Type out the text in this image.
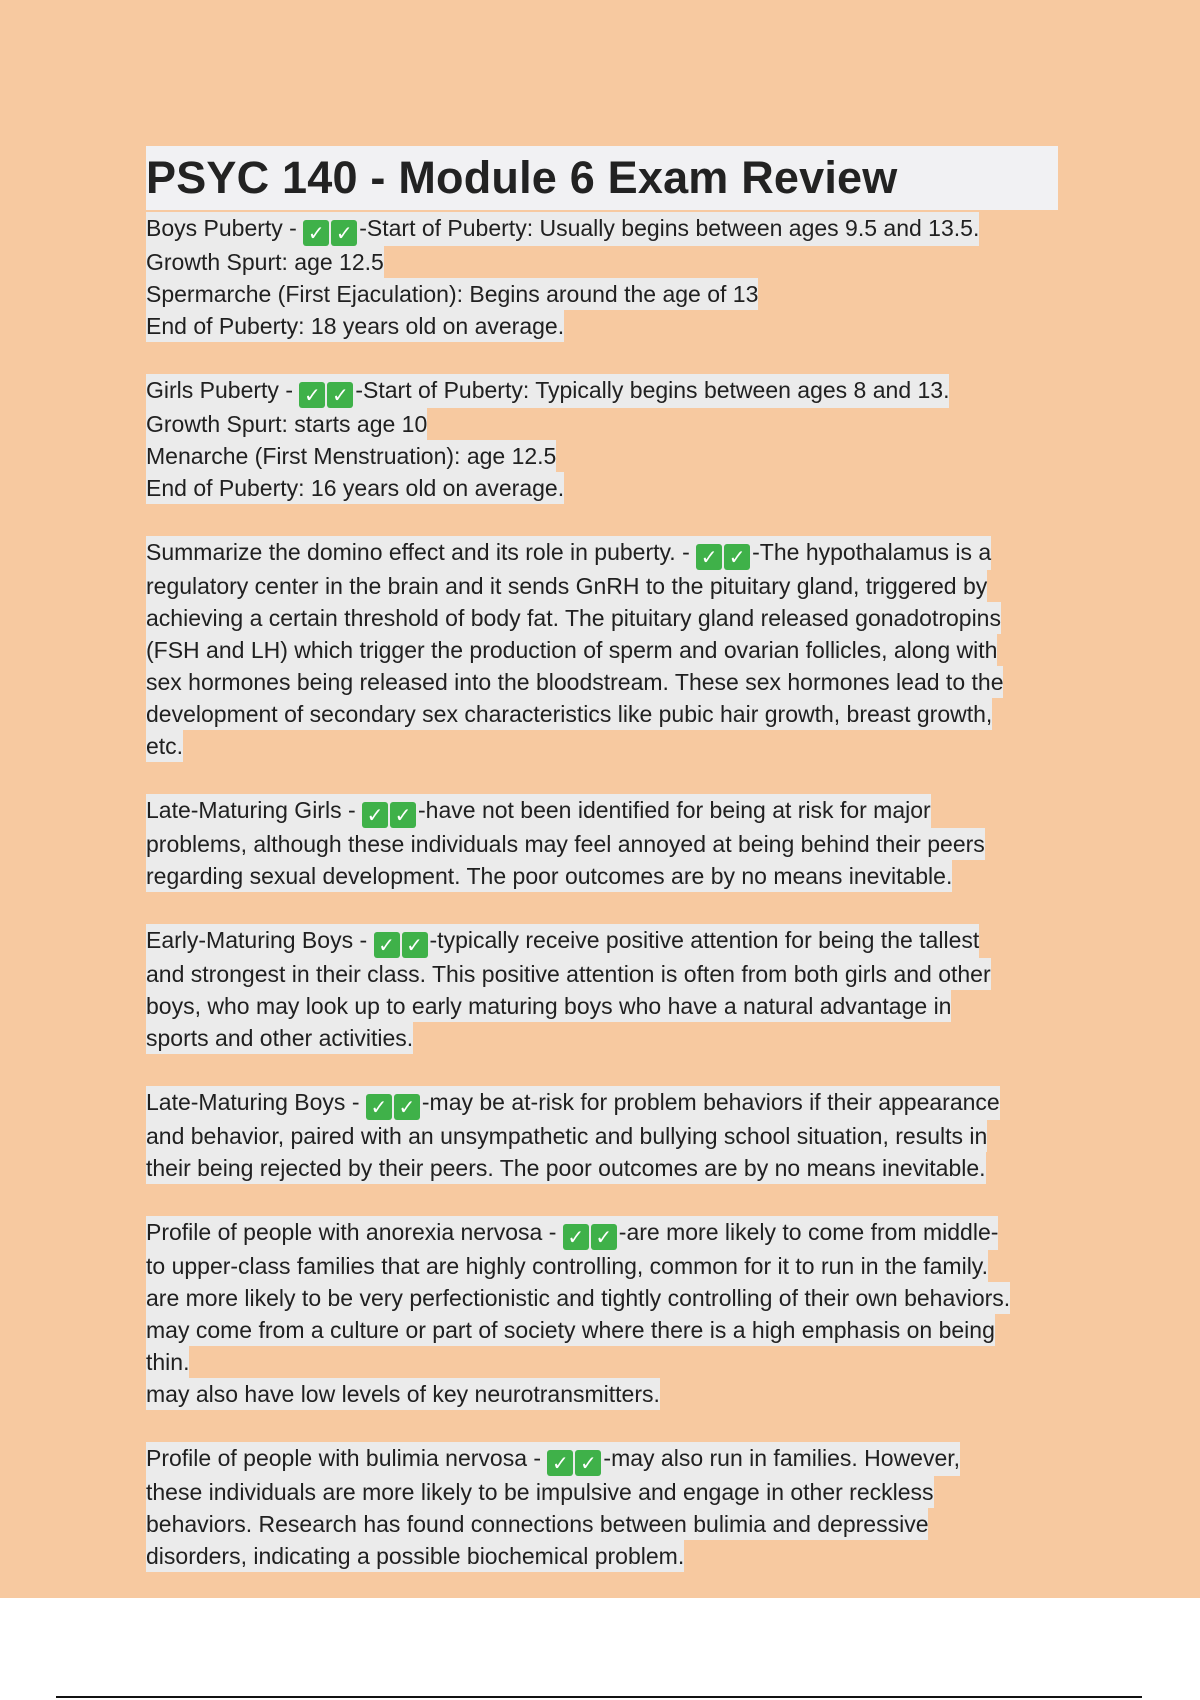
PSYC 140 - Module 6 Exam Review
Boys Puberty - ✓ ✓ -Start of Puberty: Usually begins between ages 9.5 and 13.5.
Growth Spurt: age 12.5
Spermarche (First Ejaculation): Begins around the age of 13
End of Puberty: 18 years old on average.
Girls Puberty - ✓ ✓ -Start of Puberty: Typically begins between ages 8 and 13.
Growth Spurt: starts age 10
Menarche (First Menstruation): age 12.5
End of Puberty: 16 years old on average.
Summarize the domino effect and its role in puberty. - ✓ ✓ -The hypothalamus is a
regulatory center in the brain and it sends GnRH to the pituitary gland, triggered by
achieving a certain threshold of body fat. The pituitary gland released gonadotropins
(FSH and LH) which trigger the production of sperm and ovarian follicles, along with
sex hormones being released into the bloodstream. These sex hormones lead to the
development of secondary sex characteristics like pubic hair growth, breast growth,
etc.
Late-Maturing Girls - ✓ ✓ -have not been identified for being at risk for major
problems, although these individuals may feel annoyed at being behind their peers
regarding sexual development. The poor outcomes are by no means inevitable.
Early-Maturing Boys - ✓ ✓ -typically receive positive attention for being the tallest
and strongest in their class. This positive attention is often from both girls and other
boys, who may look up to early maturing boys who have a natural advantage in
sports and other activities.
Late-Maturing Boys - ✓ ✓ -may be at-risk for problem behaviors if their appearance
and behavior, paired with an unsympathetic and bullying school situation, results in
their being rejected by their peers. The poor outcomes are by no means inevitable.
Profile of people with anorexia nervosa - ✓ ✓ -are more likely to come from middle-
to upper-class families that are highly controlling, common for it to run in the family.
are more likely to be very perfectionistic and tightly controlling of their own behaviors.
may come from a culture or part of society where there is a high emphasis on being
thin.
may also have low levels of key neurotransmitters.
Profile of people with bulimia nervosa - ✓ ✓ -may also run in families. However,
these individuals are more likely to be impulsive and engage in other reckless
behaviors. Research has found connections between bulimia and depressive
disorders, indicating a possible biochemical problem.
